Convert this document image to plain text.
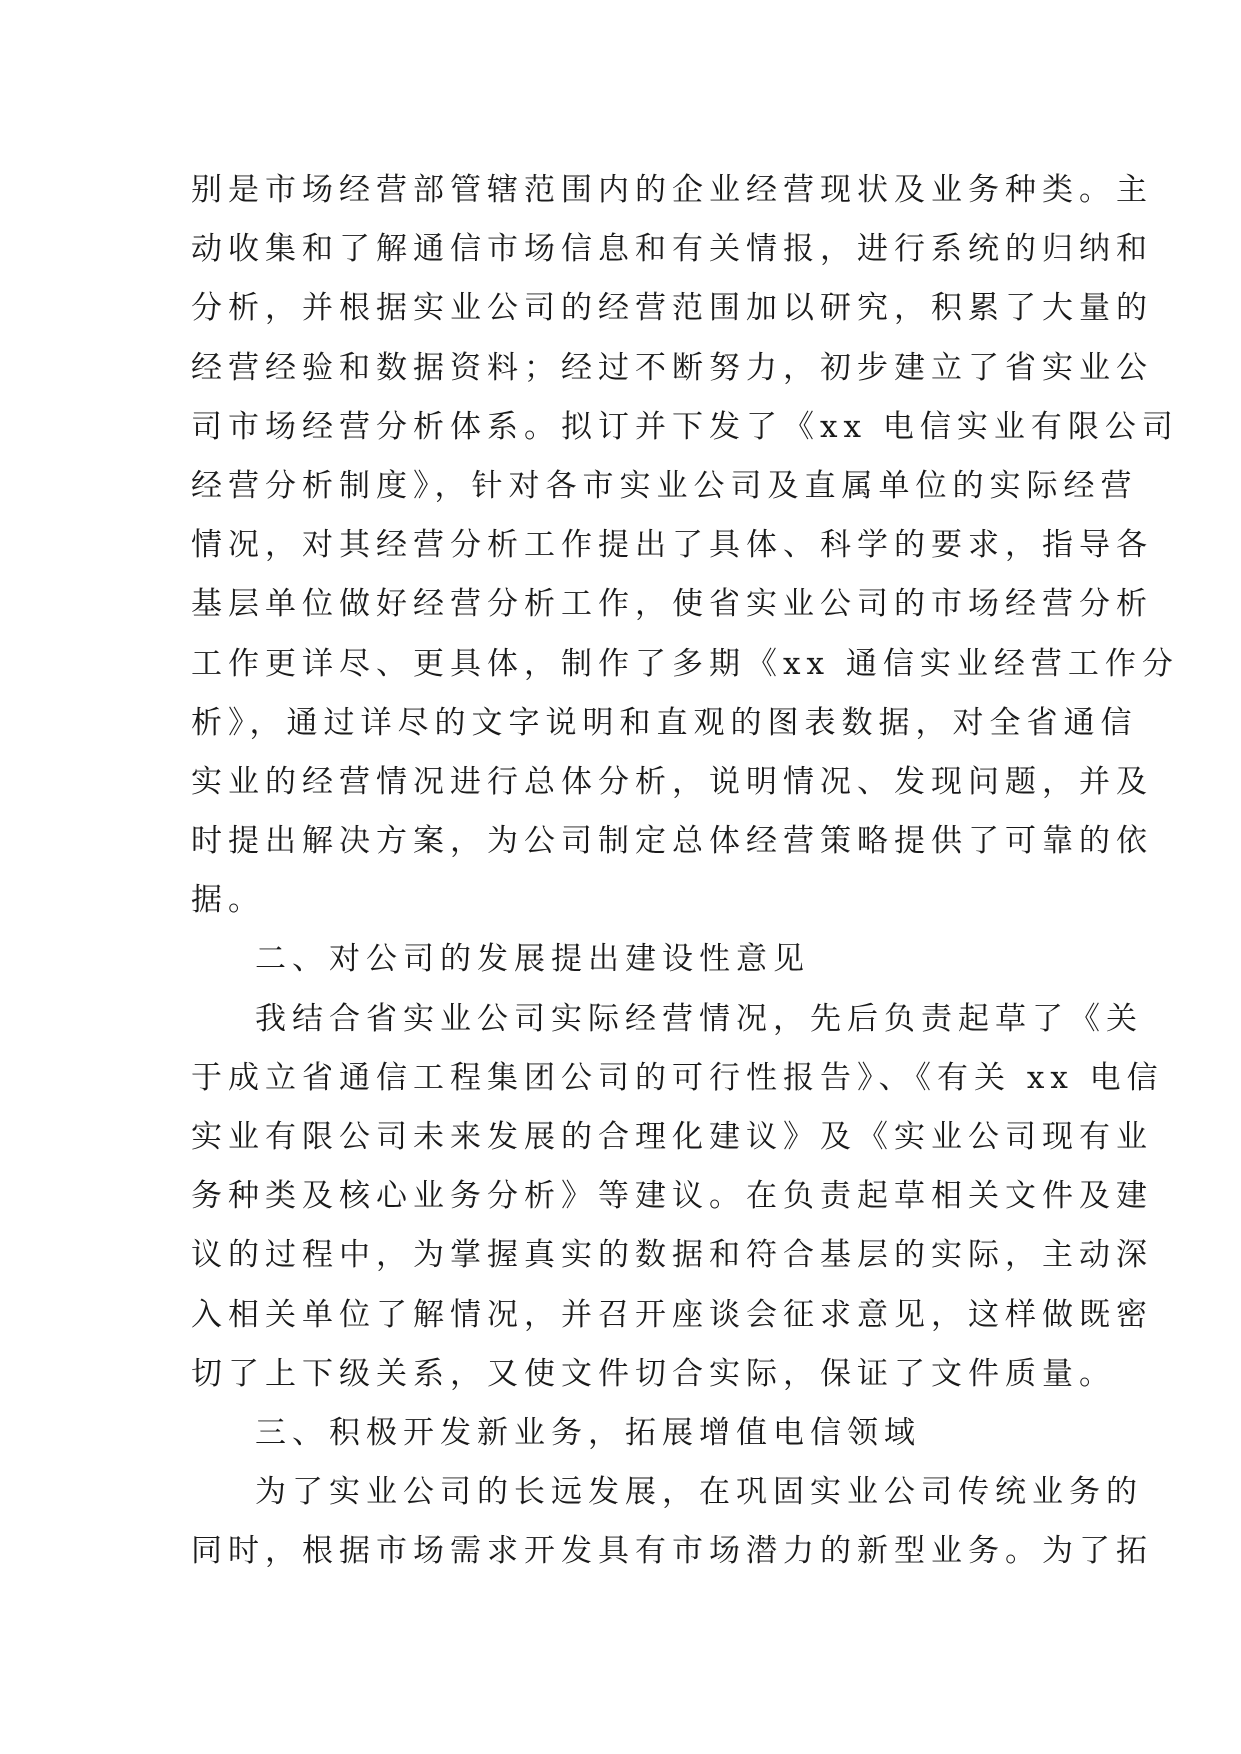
别是市场经营部管辖范围内的企业经营现状及业务种类。主
动收集和了解通信市场信息和有关情报，进行系统的归纳和
分析，并根据实业公司的经营范围加以研究，积累了大量的
经营经验和数据资料；经过不断努力，初步建立了省实业公
司市场经营分析体系。拟订并下发了《xx 电信实业有限公司
经营分析制度》，针对各市实业公司及直属单位的实际经营
情况，对其经营分析工作提出了具体、科学的要求，指导各
基层单位做好经营分析工作，使省实业公司的市场经营分析
工作更详尽、更具体，制作了多期《xx 通信实业经营工作分
析》，通过详尽的文字说明和直观的图表数据，对全省通信
实业的经营情况进行总体分析，说明情况、发现问题，并及
时提出解决方案，为公司制定总体经营策略提供了可靠的依
据。
二、对公司的发展提出建设性意见
我结合省实业公司实际经营情况，先后负责起草了《关
于成立省通信工程集团公司的可行性报告》、《有关 xx 电信
实业有限公司未来发展的合理化建议》及《实业公司现有业
务种类及核心业务分析》等建议。在负责起草相关文件及建
议的过程中，为掌握真实的数据和符合基层的实际，主动深
入相关单位了解情况，并召开座谈会征求意见，这样做既密
切了上下级关系，又使文件切合实际，保证了文件质量。
三、积极开发新业务，拓展增值电信领域
为了实业公司的长远发展，在巩固实业公司传统业务的
同时，根据市场需求开发具有市场潜力的新型业务。为了拓
